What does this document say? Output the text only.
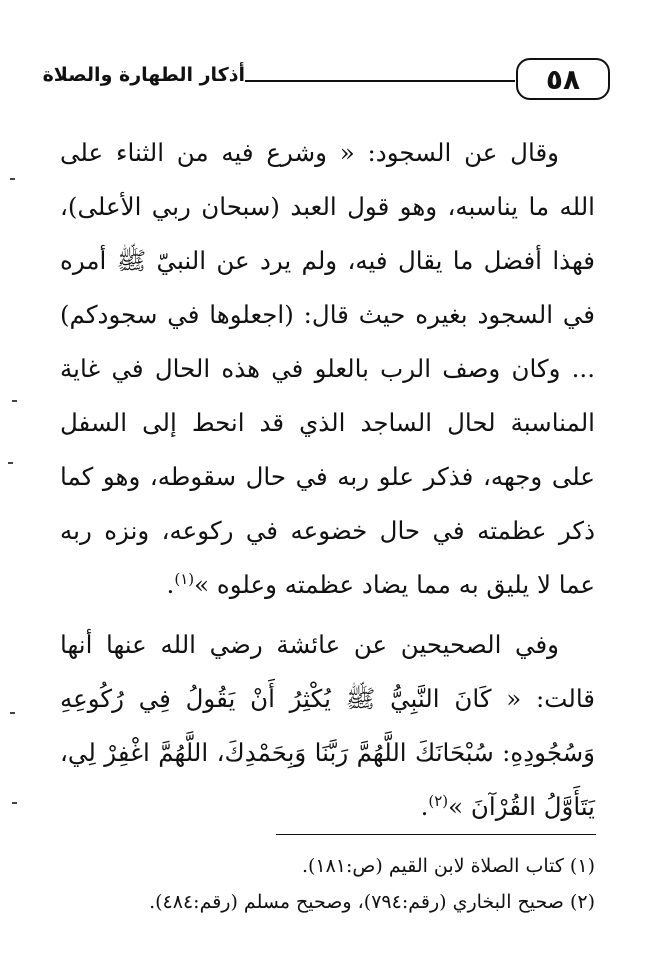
٥٨
أذكار الطهارة والصلاة

وقال عن السجود: « وشرع فيه من الثناء على الله ما يناسبه، وهو قول العبد (سبحان ربي الأعلى)، فهذا أفضل ما يقال فيه، ولم يرد عن النبيّ ﷺ أمره في السجود بغيره حيث قال: (اجعلوها في سجودكم) ... وكان وصف الرب بالعلو في هذه الحال في غاية المناسبة لحال الساجد الذي قد انحط إلى السفل على وجهه، فذكر علو ربه في حال سقوطه، وهو كما ذكر عظمته في حال خضوعه في ركوعه، ونزه ربه عما لا يليق به مما يضاد عظمته وعلوه »$^{(١)}$.

وفي الصحيحين عن عائشة رضي الله عنها أنها قالت: « كَانَ النَّبِيُّ ﷺ يُكْثِرُ أَنْ يَقُولُ فِي رُكُوعِهِ وَسُجُودِهِ: سُبْحَانَكَ اللَّهُمَّ رَبَّنَا وَبِحَمْدِكَ، اللَّهُمَّ اغْفِرْ لِي، يَتَأَوَّلُ القُرْآنَ »$^{(٢)}$.

(١) كتاب الصلاة لابن القيم (ص:١٨١).

(٢) صحيح البخاري (رقم:٧٩٤)، وصحيح مسلم (رقم:٤٨٤).
